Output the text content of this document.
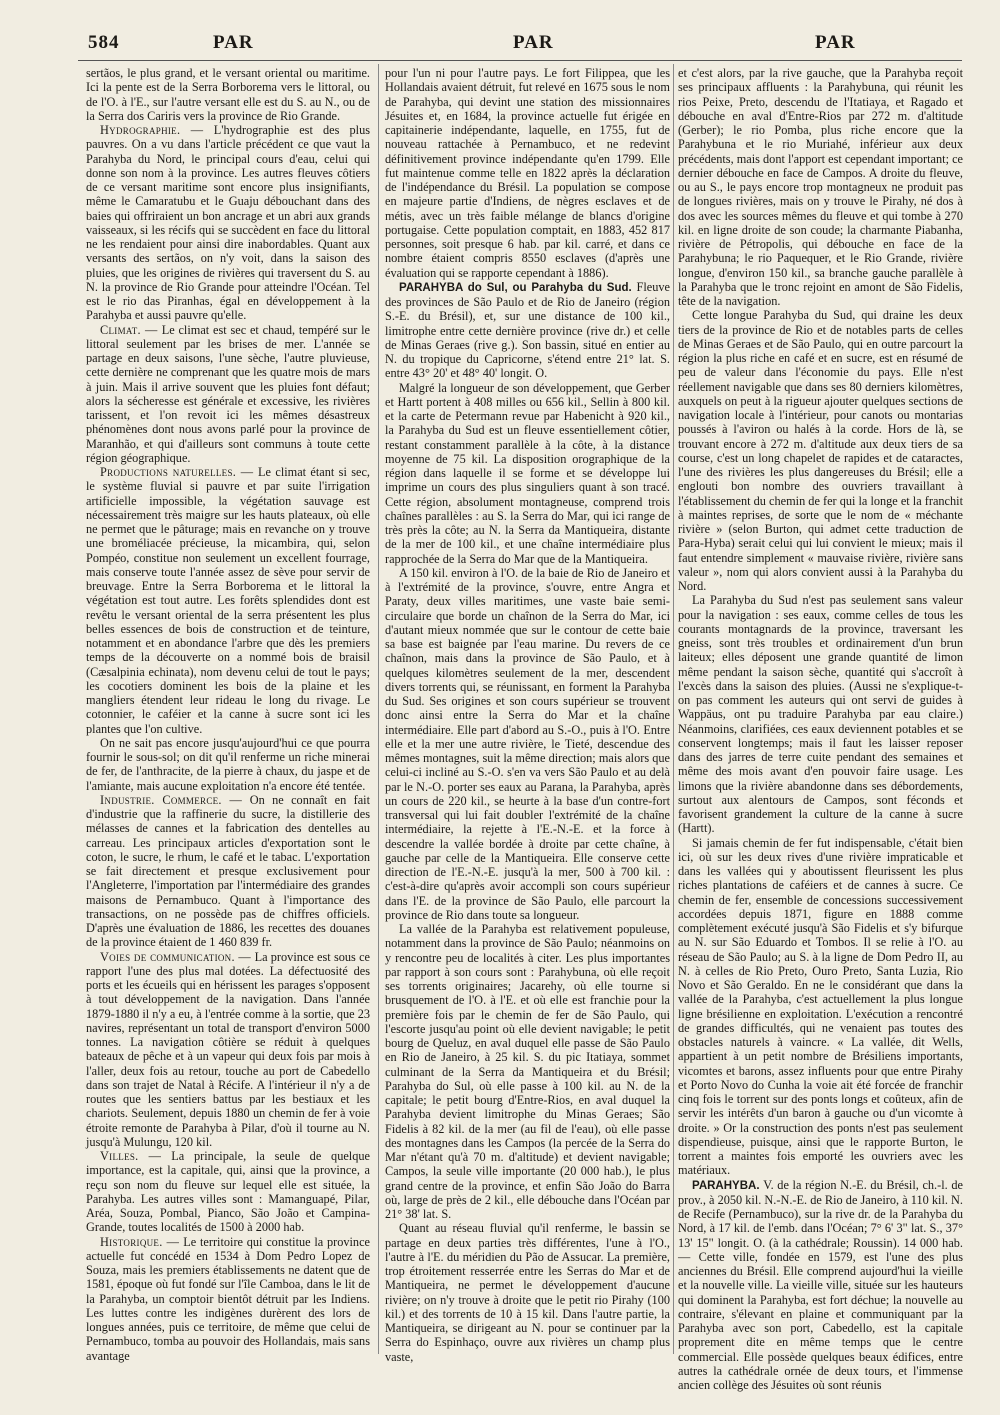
584	PAR	PAR	PAR

sertãos, le plus grand, et le versant oriental ou maritime. Ici la pente est de la Serra Borborema vers le littoral, ou de l'O. à l'E., sur l'autre versant elle est du S. au N., ou de la Serra dos Cariris vers la province de Rio Grande.

Hydrographie. — L'hydrographie est des plus pauvres. On a vu dans l'article précédent ce que vaut la Parahyba du Nord, le principal cours d'eau, celui qui donne son nom à la province. Les autres fleuves côtiers de ce versant maritime sont encore plus insignifiants, même le Camaratubu et le Guaju débouchant dans des baies qui offriraient un bon ancrage et un abri aux grands vaisseaux, si les récifs qui se succèdent en face du littoral ne les rendaient pour ainsi dire inabordables. Quant aux versants des sertãos, on n'y voit, dans la saison des pluies, que les origines de rivières qui traversent du S. au N. la province de Rio Grande pour atteindre l'Océan. Tel est le rio das Piranhas, égal en développement à la Parahyba et aussi pauvre qu'elle.

Climat. — Le climat est sec et chaud, tempéré sur le littoral seulement par les brises de mer. L'année se partage en deux saisons, l'une sèche, l'autre pluvieuse, cette dernière ne comprenant que les quatre mois de mars à juin. Mais il arrive souvent que les pluies font défaut; alors la sécheresse est générale et excessive, les rivières tarissent, et l'on revoit ici les mêmes désastreux phénomènes dont nous avons parlé pour la province de Maranhão, et qui d'ailleurs sont communs à toute cette région géographique.

Productions naturelles. — Le climat étant si sec, le système fluvial si pauvre et par suite l'irrigation artificielle impossible, la végétation sauvage est nécessairement très maigre sur les hauts plateaux, où elle ne permet que le pâturage; mais en revanche on y trouve une broméliacée précieuse, la micambira, qui, selon Pompéo, constitue non seulement un excellent fourrage, mais conserve toute l'année assez de sève pour servir de breuvage. Entre la Serra Borborema et le littoral la végétation est tout autre. Les forêts splendides dont est revêtu le versant oriental de la serra présentent les plus belles essences de bois de construction et de teinture, notamment et en abondance l'arbre que dès les premiers temps de la découverte on a nommé bois de braisil (Cæsalpinia echinata), nom devenu celui de tout le pays; les cocotiers dominent les bois de la plaine et les mangliers étendent leur rideau le long du rivage. Le cotonnier, le caféier et la canne à sucre sont ici les plantes que l'on cultive.

On ne sait pas encore jusqu'aujourd'hui ce que pourra fournir le sous-sol; on dit qu'il renferme un riche minerai de fer, de l'anthracite, de la pierre à chaux, du jaspe et de l'amiante, mais aucune exploitation n'a encore été tentée.

Industrie. Commerce. — On ne connaît en fait d'industrie que la raffinerie du sucre, la distillerie des mélasses de cannes et la fabrication des dentelles au carreau. Les principaux articles d'exportation sont le coton, le sucre, le rhum, le café et le tabac. L'exportation se fait directement et presque exclusivement pour l'Angleterre, l'importation par l'intermédiaire des grandes maisons de Pernambuco. Quant à l'importance des transactions, on ne possède pas de chiffres officiels. D'après une évaluation de 1886, les recettes des douanes de la province étaient de 1 460 839 fr.

Voies de communication. — La province est sous ce rapport l'une des plus mal dotées. La défectuosité des ports et les écueils qui en hérissent les parages s'opposent à tout développement de la navigation. Dans l'année 1879-1880 il n'y a eu, à l'entrée comme à la sortie, que 23 navires, représentant un total de transport d'environ 5000 tonnes. La navigation côtière se réduit à quelques bateaux de pêche et à un vapeur qui deux fois par mois à l'aller, deux fois au retour, touche au port de Cabedello dans son trajet de Natal à Récife. A l'intérieur il n'y a de routes que les sentiers battus par les bestiaux et les chariots. Seulement, depuis 1880 un chemin de fer à voie étroite remonte de Parahyba à Pilar, d'où il tourne au N. jusqu'à Mulungu, 120 kil.

Villes. — La principale, la seule de quelque importance, est la capitale, qui, ainsi que la province, a reçu son nom du fleuve sur lequel elle est située, la Parahyba. Les autres villes sont : Mamanguapé, Pilar, Aréa, Souza, Pombal, Pianco, São João et Campina-Grande, toutes localités de 1500 à 2000 hab.

Historique. — Le territoire qui constitue la province actuelle fut concédé en 1534 à Dom Pedro Lopez de Souza, mais les premiers établissements ne datent que de 1581, époque où fut fondé sur l'île Camboa, dans le lit de la Parahyba, un comptoir bientôt détruit par les Indiens. Les luttes contre les indigènes durèrent des lors de longues années, puis ce territoire, de même que celui de Pernambuco, tomba au pouvoir des Hollandais, mais sans avantage

pour l'un ni pour l'autre pays. Le fort Filippea, que les Hollandais avaient détruit, fut relevé en 1675 sous le nom de Parahyba, qui devint une station des missionnaires Jésuites et, en 1684, la province actuelle fut érigée en capitainerie indépendante, laquelle, en 1755, fut de nouveau rattachée à Pernambuco, et ne redevint définitivement province indépendante qu'en 1799. Elle fut maintenue comme telle en 1822 après la déclaration de l'indépendance du Brésil. La population se compose en majeure partie d'Indiens, de nègres esclaves et de métis, avec un très faible mélange de blancs d'origine portugaise. Cette population comptait, en 1883, 452 817 personnes, soit presque 6 hab. par kil. carré, et dans ce nombre étaient compris 8550 esclaves (d'après une évaluation qui se rapporte cependant à 1886).

PARAHYBA do Sul, ou Parahyba du Sud. Fleuve des provinces de São Paulo et de Rio de Janeiro (région S.-E. du Brésil), et, sur une distance de 100 kil., limitrophe entre cette dernière province (rive dr.) et celle de Minas Geraes (rive g.). Son bassin, situé en entier au N. du tropique du Capricorne, s'étend entre 21° lat. S. entre 43° 20' et 48° 40' longit. O.

Malgré la longueur de son développement, que Gerber et Hartt portent à 408 milles ou 656 kil., Sellin à 800 kil. et la carte de Petermann revue par Habenicht à 920 kil., la Parahyba du Sud est un fleuve essentiellement côtier, restant constamment parallèle à la côte, à la distance moyenne de 75 kil. La disposition orographique de la région dans laquelle il se forme et se développe lui imprime un cours des plus singuliers quant à son tracé. Cette région, absolument montagneuse, comprend trois chaînes parallèles : au S. la Serra do Mar, qui ici range de très près la côte; au N. la Serra da Mantiqueira, distante de la mer de 100 kil., et une chaîne intermédiaire plus rapprochée de la Serra do Mar que de la Mantiqueira.

A 150 kil. environ à l'O. de la baie de Rio de Janeiro et à l'extrémité de la province, s'ouvre, entre Angra et Paraty, deux villes maritimes, une vaste baie semi-circulaire que borde un chaînon de la Serra do Mar, ici d'autant mieux nommée que sur le contour de cette baie sa base est baignée par l'eau marine. Du revers de ce chaînon, mais dans la province de São Paulo, et à quelques kilomètres seulement de la mer, descendent divers torrents qui, se réunissant, en forment la Parahyba du Sud. Ses origines et son cours supérieur se trouvent donc ainsi entre la Serra do Mar et la chaîne intermédiaire. Elle part d'abord au S.-O., puis à l'O. Entre elle et la mer une autre rivière, le Tieté, descendue des mêmes montagnes, suit la même direction; mais alors que celui-ci incliné au S.-O. s'en va vers São Paulo et au delà par le N.-O. porter ses eaux au Parana, la Parahyba, après un cours de 220 kil., se heurte à la base d'un contre-fort transversal qui lui fait doubler l'extrémité de la chaîne intermédiaire, la rejette à l'E.-N.-E. et la force à descendre la vallée bordée à droite par cette chaîne, à gauche par celle de la Mantiqueira. Elle conserve cette direction de l'E.-N.-E. jusqu'à la mer, 500 à 700 kil. : c'est-à-dire qu'après avoir accompli son cours supérieur dans l'E. de la province de São Paulo, elle parcourt la province de Rio dans toute sa longueur.

La vallée de la Parahyba est relativement populeuse, notamment dans la province de São Paulo; néanmoins on y rencontre peu de localités à citer. Les plus importantes par rapport à son cours sont : Parahybuna, où elle reçoit ses torrents originaires; Jacarehy, où elle tourne si brusquement de l'O. à l'E. et où elle est franchie pour la première fois par le chemin de fer de São Paulo, qui l'escorte jusqu'au point où elle devient navigable; le petit bourg de Queluz, en aval duquel elle passe de São Paulo en Rio de Janeiro, à 25 kil. S. du pic Itatiaya, sommet culminant de la Serra da Mantiqueira et du Brésil; Parahyba do Sul, où elle passe à 100 kil. au N. de la capitale; le petit bourg d'Entre-Rios, en aval duquel la Parahyba devient limitrophe du Minas Geraes; São Fidelis à 82 kil. de la mer (au fil de l'eau), où elle passe des montagnes dans les Campos (la percée de la Serra do Mar n'étant qu'à 70 m. d'altitude) et devient navigable; Campos, la seule ville importante (20 000 hab.), le plus grand centre de la province, et enfin São João do Barra où, large de près de 2 kil., elle débouche dans l'Océan par 21° 38' lat. S.

Quant au réseau fluvial qu'il renferme, le bassin se partage en deux parties très différentes, l'une à l'O., l'autre à l'E. du méridien du Pão de Assucar. La première, trop étroitement resserrée entre les Serras do Mar et de Mantiqueira, ne permet le développement d'aucune rivière; on n'y trouve à droite que le petit rio Pirahy (100 kil.) et des torrents de 10 à 15 kil. Dans l'autre partie, la Mantiqueira, se dirigeant au N. pour se continuer par la Serra do Espinhaço, ouvre aux rivières un champ plus vaste,

et c'est alors, par la rive gauche, que la Parahyba reçoit ses principaux affluents : la Parahybuna, qui réunit les rios Peixe, Preto, descendu de l'Itatiaya, et Ragado et débouche en aval d'Entre-Rios par 272 m. d'altitude (Gerber); le rio Pomba, plus riche encore que la Parahybuna et le rio Muriahé, inférieur aux deux précédents, mais dont l'apport est cependant important; ce dernier débouche en face de Campos. A droite du fleuve, ou au S., le pays encore trop montagneux ne produit pas de longues rivières, mais on y trouve le Pirahy, né dos à dos avec les sources mêmes du fleuve et qui tombe à 270 kil. en ligne droite de son coude; la charmante Piabanha, rivière de Pétropolis, qui débouche en face de la Parahybuna; le rio Paquequer, et le Rio Grande, rivière longue, d'environ 150 kil., sa branche gauche parallèle à la Parahyba que le tronc rejoint en amont de São Fidelis, tête de la navigation.

Cette longue Parahyba du Sud, qui draine les deux tiers de la province de Rio et de notables parts de celles de Minas Geraes et de São Paulo, qui en outre parcourt la région la plus riche en café et en sucre, est en résumé de peu de valeur dans l'économie du pays. Elle n'est réellement navigable que dans ses 80 derniers kilomètres, auxquels on peut à la rigueur ajouter quelques sections de navigation locale à l'intérieur, pour canots ou montarias poussés à l'aviron ou halés à la corde. Hors de là, se trouvant encore à 272 m. d'altitude aux deux tiers de sa course, c'est un long chapelet de rapides et de cataractes, l'une des rivières les plus dangereuses du Brésil; elle a englouti bon nombre des ouvriers travaillant à l'établissement du chemin de fer qui la longe et la franchit à maintes reprises, de sorte que le nom de « méchante rivière » (selon Burton, qui admet cette traduction de Para-Hyba) serait celui qui lui convient le mieux; mais il faut entendre simplement « mauvaise rivière, rivière sans valeur », nom qui alors convient aussi à la Parahyba du Nord.

La Parahyba du Sud n'est pas seulement sans valeur pour la navigation : ses eaux, comme celles de tous les courants montagnards de la province, traversant les gneiss, sont très troubles et ordinairement d'un brun laiteux; elles déposent une grande quantité de limon même pendant la saison sèche, quantité qui s'accroît à l'excès dans la saison des pluies. (Aussi ne s'explique-t-on pas comment les auteurs qui ont servi de guides à Wappäus, ont pu traduire Parahyba par eau claire.) Néanmoins, clarifiées, ces eaux deviennent potables et se conservent longtemps; mais il faut les laisser reposer dans des jarres de terre cuite pendant des semaines et même des mois avant d'en pouvoir faire usage. Les limons que la rivière abandonne dans ses débordements, surtout aux alentours de Campos, sont féconds et favorisent grandement la culture de la canne à sucre (Hartt).

Si jamais chemin de fer fut indispensable, c'était bien ici, où sur les deux rives d'une rivière impraticable et dans les vallées qui y aboutissent fleurissent les plus riches plantations de caféiers et de cannes à sucre. Ce chemin de fer, ensemble de concessions successivement accordées depuis 1871, figure en 1888 comme complètement exécuté jusqu'à São Fidelis et s'y bifurque au N. sur São Eduardo et Tombos. Il se relie à l'O. au réseau de São Paulo; au S. à la ligne de Dom Pedro II, au N. à celles de Rio Preto, Ouro Preto, Santa Luzia, Rio Novo et São Geraldo. En ne le considérant que dans la vallée de la Parahyba, c'est actuellement la plus longue ligne brésilienne en exploitation. L'exécution a rencontré de grandes difficultés, qui ne venaient pas toutes des obstacles naturels à vaincre. « La vallée, dit Wells, appartient à un petit nombre de Brésiliens importants, vicomtes et barons, assez influents pour que entre Pirahy et Porto Novo do Cunha la voie ait été forcée de franchir cinq fois le torrent sur des ponts longs et coûteux, afin de servir les intérêts d'un baron à gauche ou d'un vicomte à droite. » Or la construction des ponts n'est pas seulement dispendieuse, puisque, ainsi que le rapporte Burton, le torrent a maintes fois emporté les ouvriers avec les matériaux.

PARAHYBA. V. de la région N.-E. du Brésil, ch.-l. de prov., à 2050 kil. N.-N.-E. de Rio de Janeiro, à 110 kil. N. de Recife (Pernambuco), sur la rive dr. de la Parahyba du Nord, à 17 kil. de l'emb. dans l'Océan; 7° 6' 3" lat. S., 37° 13' 15" longit. O. (à la cathédrale; Roussin). 14 000 hab. — Cette ville, fondée en 1579, est l'une des plus anciennes du Brésil. Elle comprend aujourd'hui la vieille et la nouvelle ville. La vieille ville, située sur les hauteurs qui dominent la Parahyba, est fort déchue; la nouvelle au contraire, s'élevant en plaine et communiquant par la Parahyba avec son port, Cabedello, est la capitale proprement dite en même temps que le centre commercial. Elle possède quelques beaux édifices, entre autres la cathédrale ornée de deux tours, et l'immense ancien collège des Jésuites où sont réunis
